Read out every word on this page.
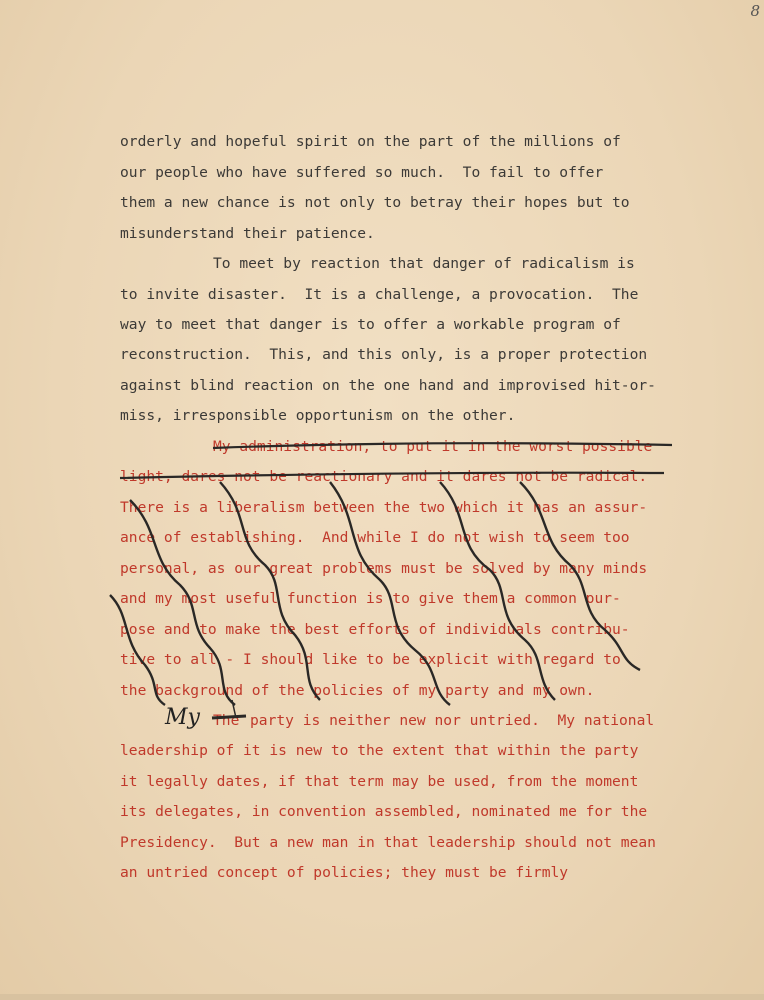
8
orderly and hopeful spirit on the part of the millions of
our people who have suffered so much.  To fail to offer
them a new chance is not only to betray their hopes but to
misunderstand their patience.
To meet by reaction that danger of radicalism is
to invite disaster.  It is a challenge, a provocation.  The
way to meet that danger is to offer a workable program of
reconstruction.  This, and this only, is a proper protection
against blind reaction on the one hand and improvised hit-or-
miss, irresponsible opportunism on the other.
My administration, to put it in the worst possible
light, dares not be reactionary and it dares not be radical.
There is a liberalism between the two which it has an assur-
ance of establishing.  And while I do not wish to seem too
personal, as our great problems must be solved by many minds
and my most useful function is to give them a common pur-
pose and to make the best efforts of individuals contribu-
tive to all - I should like to be explicit with regard to
the background of the policies of my party and my own.
My The party is neither new nor untried.  My national
leadership of it is new to the extent that within the party
it legally dates, if that term may be used, from the moment
its delegates, in convention assembled, nominated me for the
Presidency.  But a new man in that leadership should not mean
an untried concept of policies; they must be firmly
